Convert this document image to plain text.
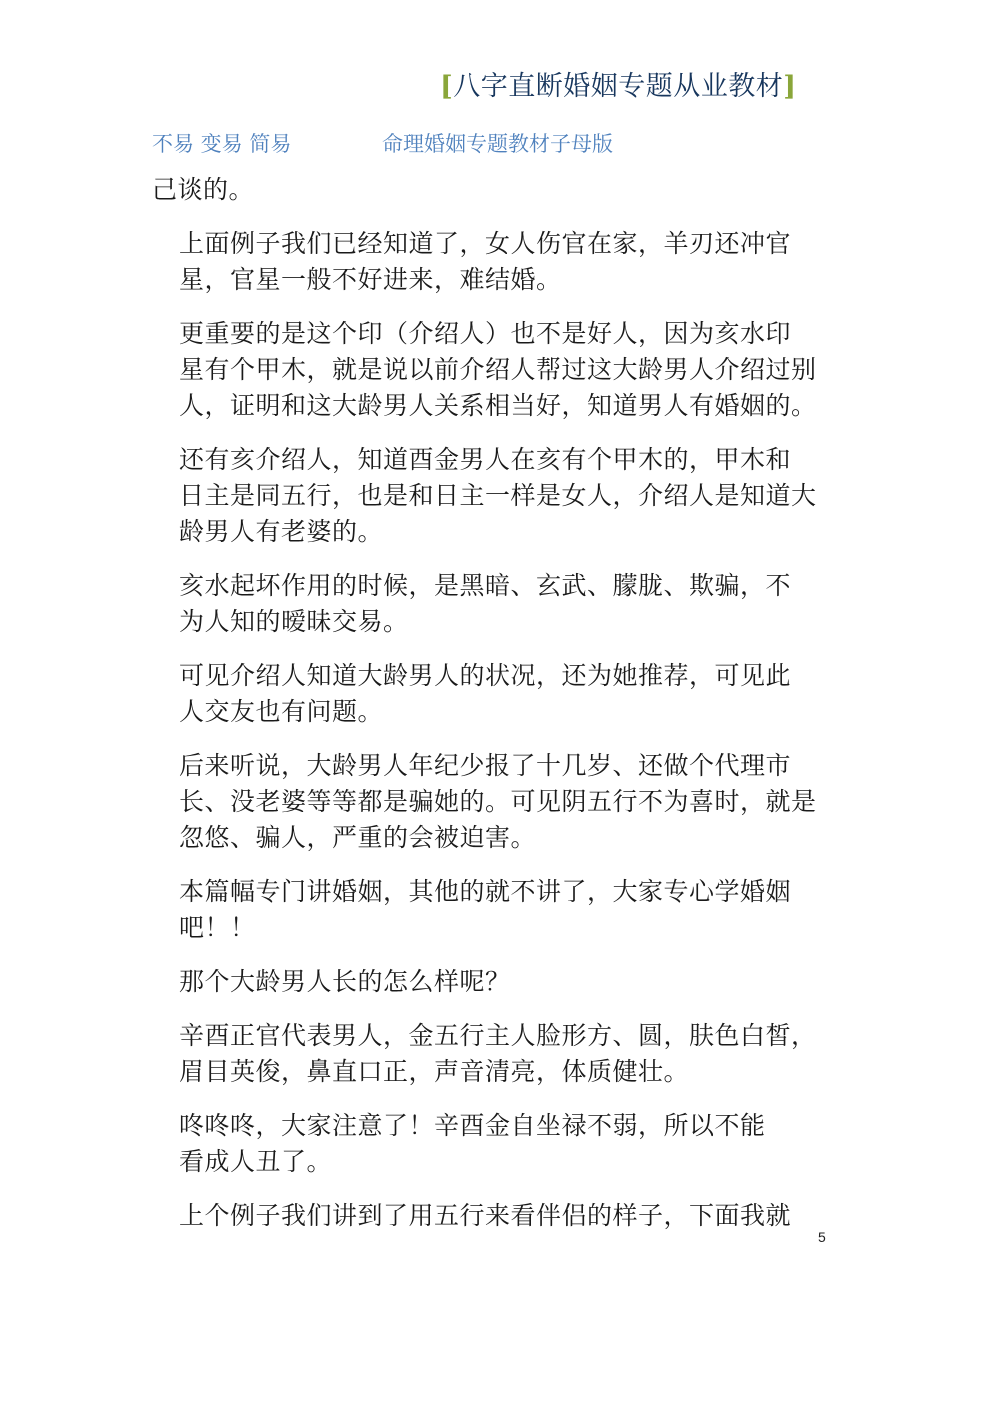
[八字直断婚姻专题从业教材]
不易 变易 简易	命理婚姻专题教材子母版

己谈的。

上面例子我们已经知道了，女人伤官在家，羊刃还冲官
星，官星一般不好进来，难结婚。

更重要的是这个印（介绍人）也不是好人，因为亥水印
星有个甲木，就是说以前介绍人帮过这大龄男人介绍过别
人，证明和这大龄男人关系相当好，知道男人有婚姻的。

还有亥介绍人，知道酉金男人在亥有个甲木的，甲木和
日主是同五行，也是和日主一样是女人，介绍人是知道大
龄男人有老婆的。

亥水起坏作用的时候，是黑暗、玄武、朦胧、欺骗，不
为人知的暧昧交易。

可见介绍人知道大龄男人的状况，还为她推荐，可见此
人交友也有问题。

后来听说，大龄男人年纪少报了十几岁、还做个代理市
长、没老婆等等都是骗她的。可见阴五行不为喜时，就是
忽悠、骗人，严重的会被迫害。

本篇幅专门讲婚姻，其他的就不讲了，大家专心学婚姻
吧！！

那个大龄男人长的怎么样呢？

辛酉正官代表男人，金五行主人脸形方、圆，肤色白皙，
眉目英俊，鼻直口正，声音清亮，体质健壮。

咚咚咚，大家注意了！辛酉金自坐禄不弱，所以不能
看成人丑了。

上个例子我们讲到了用五行来看伴侣的样子，下面我就

5
